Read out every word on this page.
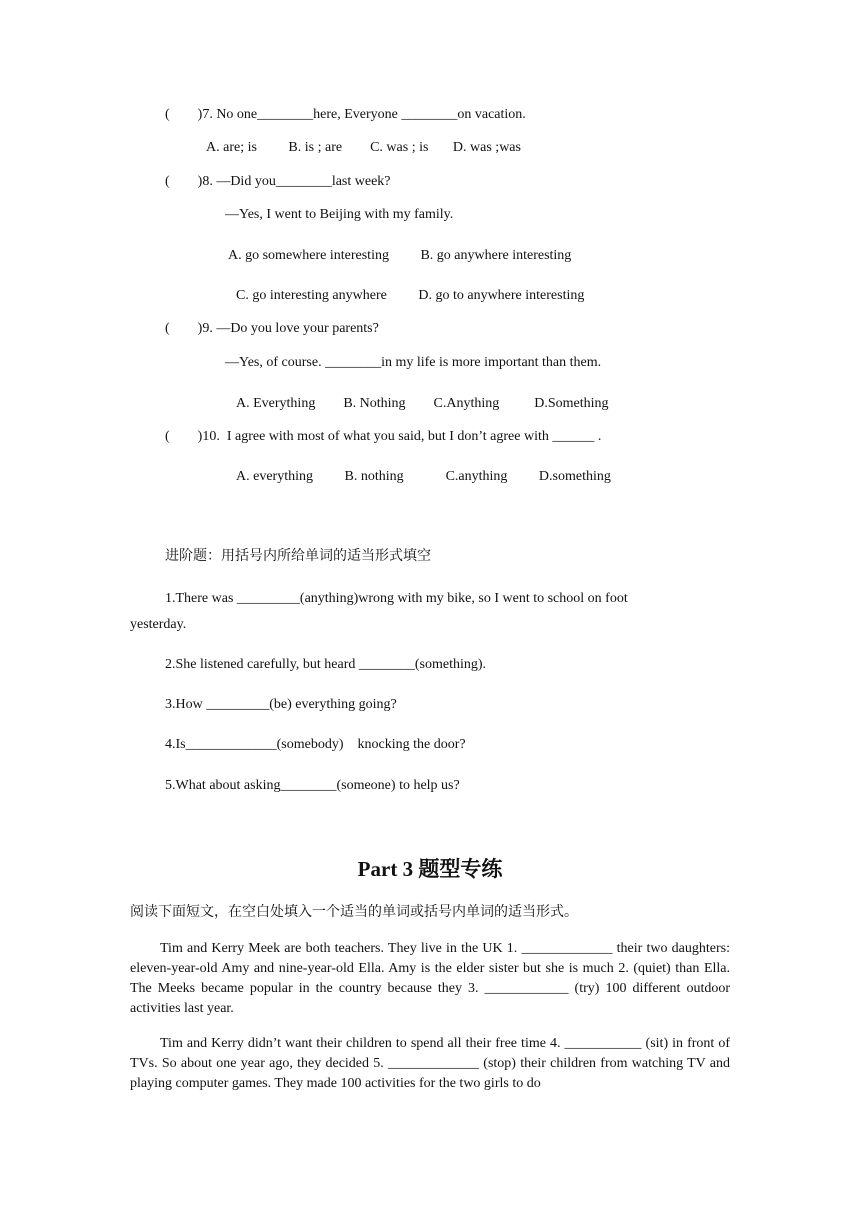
(        )7. No one________here, Everyone ________on vacation.
A. are; is         B. is ; are        C. was ; is       D. was ;was
(        )8. —Did you________last week?
—Yes, I went to Beijing with my family.
A. go somewhere interesting         B. go anywhere interesting
C. go interesting anywhere         D. go to anywhere interesting
(        )9. —Do you love your parents?
—Yes, of course. ________in my life is more important than them.
A. Everything        B. Nothing        C.Anything          D.Something
(        )10.  I agree with most of what you said, but I don’t agree with ______ .
A. everything         B. nothing            C.anything         D.something
进阶题：用括号内所给单词的适当形式填空
1.There was _________(anything)wrong with my bike, so I went to school on foot
yesterday.
2.She listened carefully, but heard ________(something).
3.How _________(be) everything going?
4.Is_____________(somebody)    knocking the door?
5.What about asking________(someone) to help us?
Part 3 题型专练
阅读下面短文，在空白处填入一个适当的单词或括号内单词的适当形式。

Tim and Kerry Meek are both teachers. They live in the UK 1. _____________ their two daughters: eleven-year-old Amy and nine-year-old Ella. Amy is the elder sister but she is much 2. (quiet) than Ella. The Meeks became popular in the country because they 3. ____________ (try) 100 different outdoor activities last year.

Tim and Kerry didn’t want their children to spend all their free time 4. ___________ (sit) in front of TVs. So about one year ago, they decided 5. _____________ (stop) their children from watching TV and playing computer games. They made 100 activities for the two girls to do
